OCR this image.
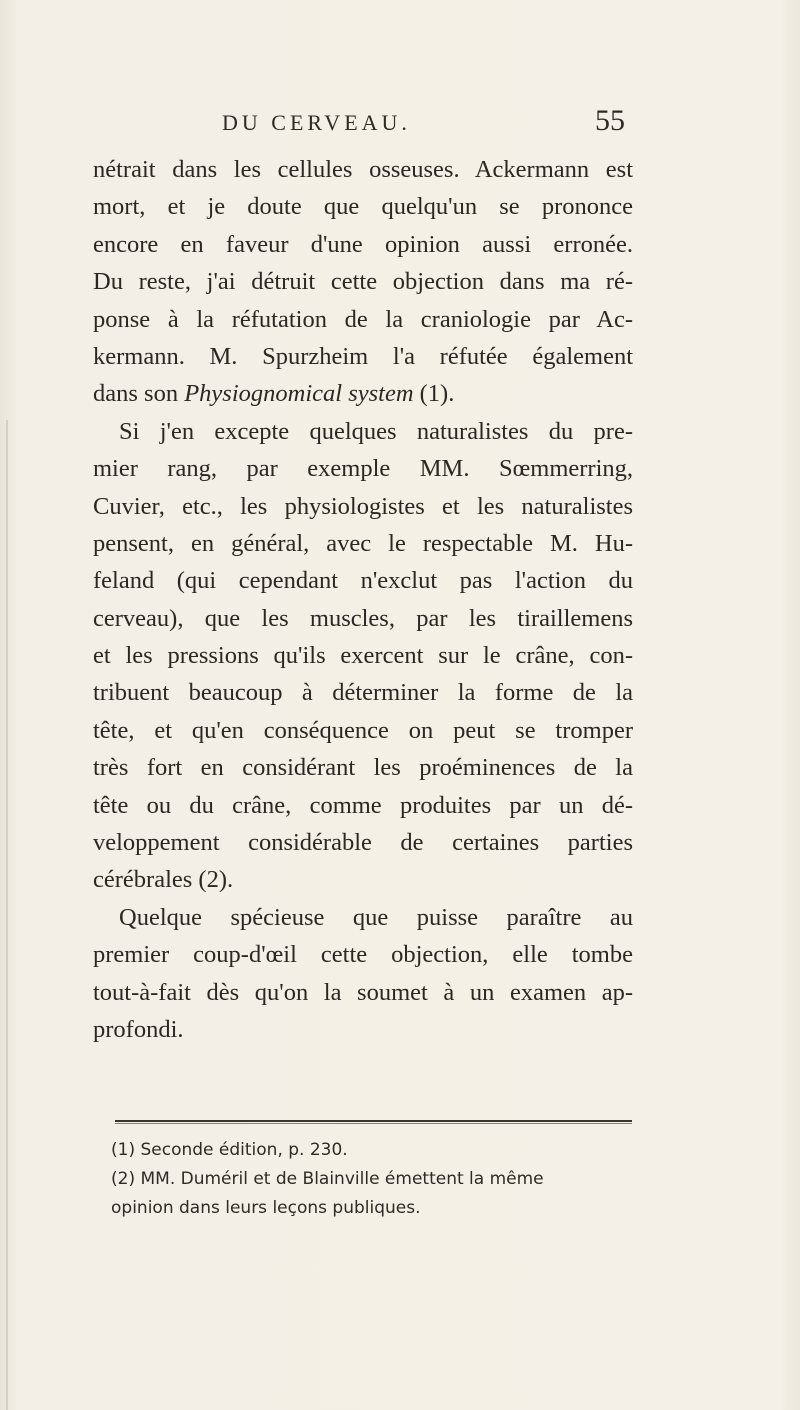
DU CERVEAU.	55
nétrait dans les cellules osseuses. Ackermann est
mort, et je doute que quelqu'un se prononce
encore en faveur d'une opinion aussi erronée.
Du reste, j'ai détruit cette objection dans ma ré-
ponse à la réfutation de la craniologie par Ac-
kermann. M. Spurzheim l'a réfutée également
dans son Physiognomical system (1).
Si j'en excepte quelques naturalistes du pre-
mier rang, par exemple MM. Sœmmerring,
Cuvier, etc., les physiologistes et les naturalistes
pensent, en général, avec le respectable M. Hu-
feland (qui cependant n'exclut pas l'action du
cerveau), que les muscles, par les tiraillemens
et les pressions qu'ils exercent sur le crâne, con-
tribuent beaucoup à déterminer la forme de la
tête, et qu'en conséquence on peut se tromper
très fort en considérant les proéminences de la
tête ou du crâne, comme produites par un dé-
veloppement considérable de certaines parties
cérébrales (2).
Quelque spécieuse que puisse paraître au
premier coup-d'œil cette objection, elle tombe
tout-à-fait dès qu'on la soumet à un examen ap-
profondi.
(1) Seconde édition, p. 230.
(2) MM. Duméril et de Blainville émettent la même
opinion dans leurs leçons publiques.
